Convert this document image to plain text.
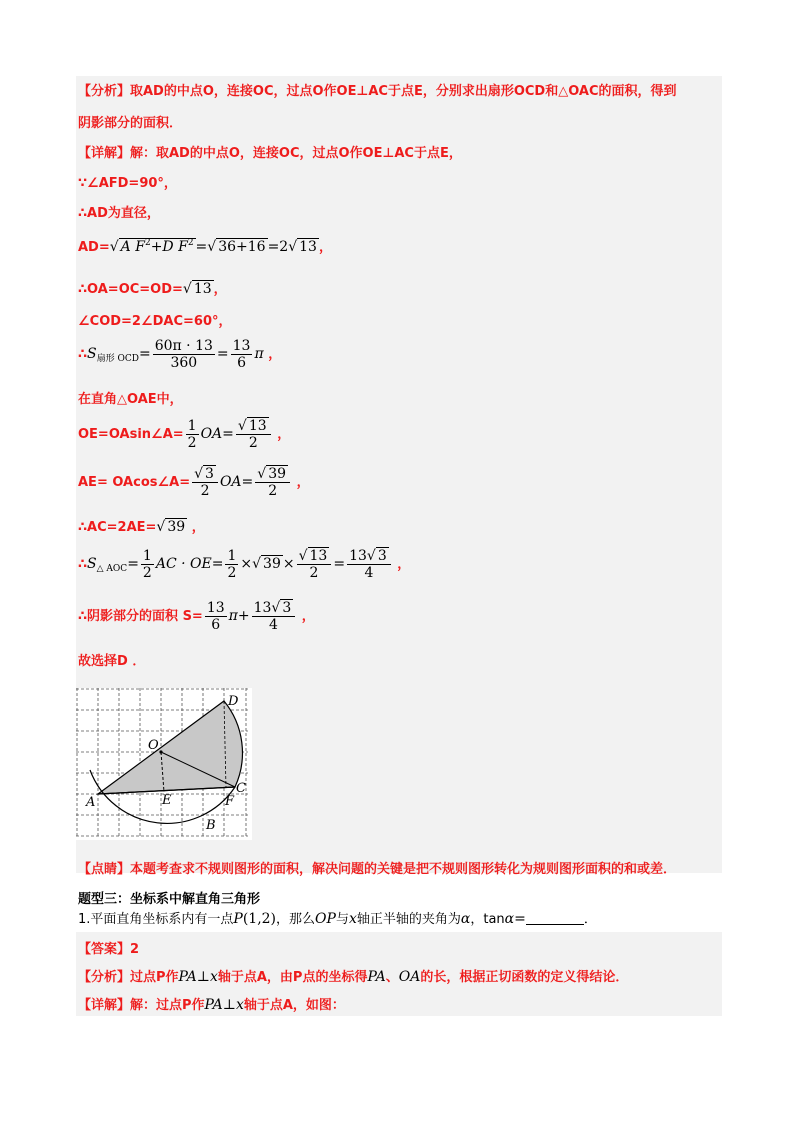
【分析】取AD的中点O，连接OC，过点O作OE⊥AC于点E，分别求出扇形OCD和△OAC的面积，得到
阴影部分的面积．
【详解】解：取AD的中点O，连接OC，过点O作OE⊥AC于点E，
∵∠AFD=90°，
∴AD为直径，
AD=√ A $F^2+D$ $F^2$ =√ 36+16 =2√ 13 ，
∴OA=OC=OD=√ 13 ，
∠COD=2∠DAC=60°，
$\therefore S_{扇形 OCD}= \frac{60\pi \cdot 13}{360} = \frac{13}{6}$ π ，
在直角△OAE中，
OE=OAsin∠A= $\frac{1}{2} OA= \frac{√ 13}{2}$ ，
AE= OAcos∠A= $\frac{√ 3}{2} OA= \frac{√ 39}{2}$ ，
∴AC=2AE=√ 39 ，
$\therefore S_{\triangle AOC}= \frac{1}{2}$ AC · $OE= \frac{1}{2}$ ×√ $39 \times \frac{√ 13}{2} = \frac{13√ 3}{4}$ ，
∴阴影部分的面积 $S= \frac{13}{6} \pi+ \frac{13√ 3}{4}$ ，
故选择D ．
A
B
C
D
E	F
O
【点睛】本题考查求不规则图形的面积，解决问题的关键是把不规则图形转化为规则图形面积的和或差．
题型三：坐标系中解直角三角形
1.平面直角坐标系内有一点P(1,2)，那么OP与x轴正半轴的夹角为α，tanα=	．
【答案】2
【分析】过点P作PA⊥x轴于点A，由P点的坐标得PA、OA的长，根据正切函数的定义得结论．
【详解】解：过点P作PA⊥x轴于点A，如图：
